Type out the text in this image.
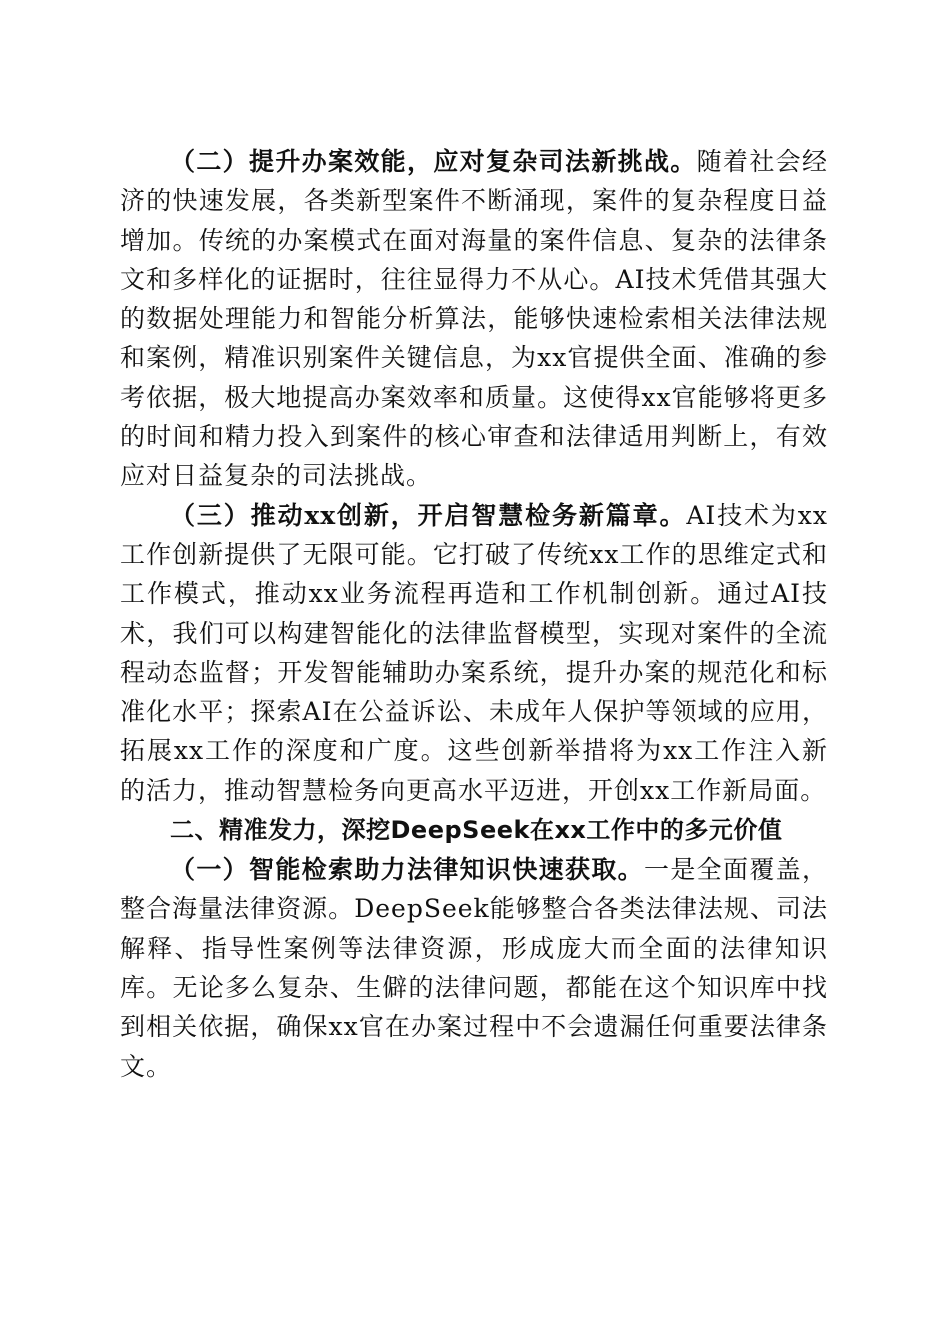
（二）提升办案效能，应对复杂司法新挑战。随着社会经济的快速发展，各类新型案件不断涌现，案件的复杂程度日益增加。传统的办案模式在面对海量的案件信息、复杂的法律条文和多样化的证据时，往往显得力不从心。AI技术凭借其强大的数据处理能力和智能分析算法，能够快速检索相关法律法规和案例，精准识别案件关键信息，为xx官提供全面、准确的参考依据，极大地提高办案效率和质量。这使得xx官能够将更多的时间和精力投入到案件的核心审查和法律适用判断上，有效应对日益复杂的司法挑战。

（三）推动xx创新，开启智慧检务新篇章。AI技术为xx工作创新提供了无限可能。它打破了传统xx工作的思维定式和工作模式，推动xx业务流程再造和工作机制创新。通过AI技术，我们可以构建智能化的法律监督模型，实现对案件的全流程动态监督；开发智能辅助办案系统，提升办案的规范化和标准化水平；探索AI在公益诉讼、未成年人保护等领域的应用，拓展xx工作的深度和广度。这些创新举措将为xx工作注入新的活力，推动智慧检务向更高水平迈进，开创xx工作新局面。

二、精准发力，深挖DeepSeek在xx工作中的多元价值

（一）智能检索助力法律知识快速获取。一是全面覆盖，整合海量法律资源。DeepSeek能够整合各类法律法规、司法解释、指导性案例等法律资源，形成庞大而全面的法律知识库。无论多么复杂、生僻的法律问题，都能在这个知识库中找到相关依据，确保xx官在办案过程中不会遗漏任何重要法律条文。
